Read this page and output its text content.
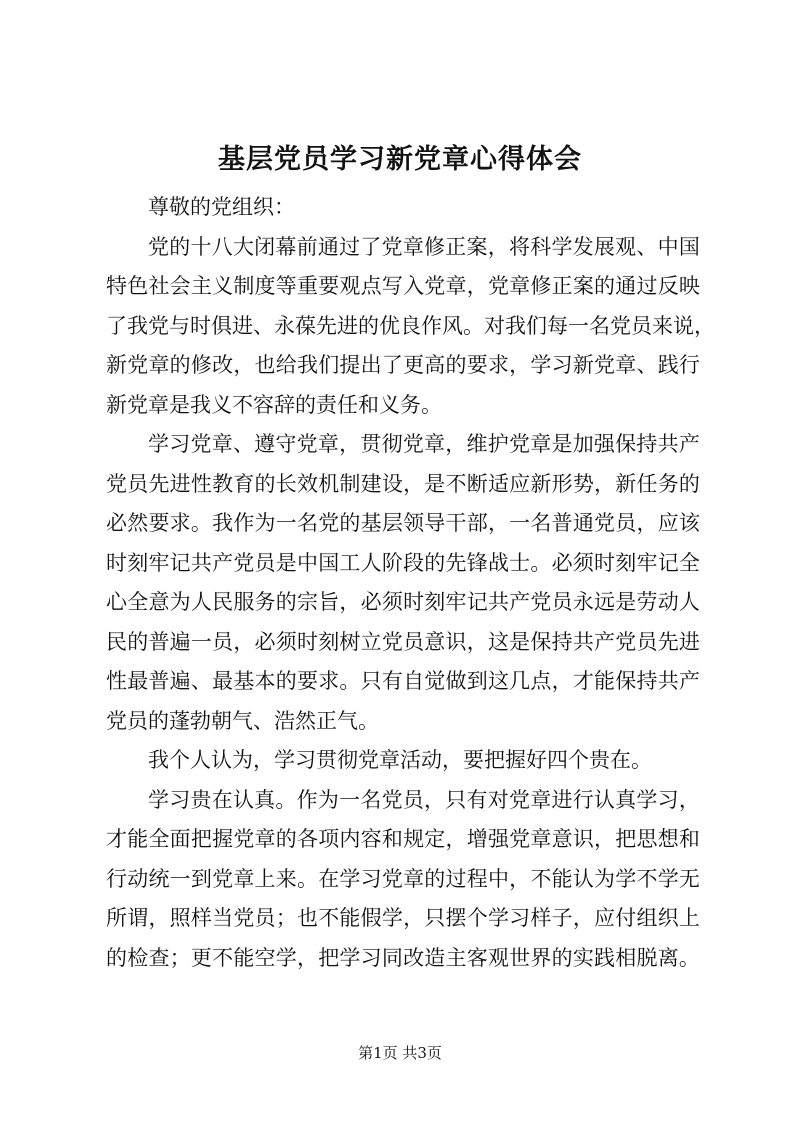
基层党员学习新党章心得体会
尊敬的党组织：
党 的 十 八 大 闭 幕 前 通 过 了 党 章 修 正 案 ， 将 科 学 发 展 观 、 中 国
特 色 社 会 主 义 制 度 等 重 要 观 点 写 入 党 章 ， 党 章 修 正 案 的 通 过 反 映
了 我 党 与 时 俱 进 、 永 葆 先 进 的 优 良 作 风 。 对 我 们 每 一 名 党 员 来 说 ，
新 党 章 的 修 改 ， 也 给 我 们 提 出 了 更 高 的 要 求 ， 学 习 新 党 章 、 践 行
新党章是我义不容辞的责任和义务。
学 习 党 章 、 遵 守 党 章 ， 贯 彻 党 章 ， 维 护 党 章 是 加 强 保 持 共 产
党 员 先 进 性 教 育 的 长 效 机 制 建 设 ， 是 不 断 适 应 新 形 势 ， 新 任 务 的
必 然 要 求 。 我 作 为 一 名 党 的 基 层 领 导 干 部 ， 一 名 普 通 党 员 ， 应 该
时 刻 牢 记 共 产 党 员 是 中 国 工 人 阶 段 的 先 锋 战 士 。 必 须 时 刻 牢 记 全
心 全 意 为 人 民 服 务 的 宗 旨 ， 必 须 时 刻 牢 记 共 产 党 员 永 远 是 劳 动 人
民 的 普 遍 一 员 ， 必 须 时 刻 树 立 党 员 意 识 ， 这 是 保 持 共 产 党 员 先 进
性 最 普 遍 、 最 基 本 的 要 求 。 只 有 自 觉 做 到 这 几 点 ， 才 能 保 持 共 产
党员的蓬勃朝气、浩然正气。
我个人认为，学习贯彻党章活动，要把握好四个贵在。
学 习 贵 在 认 真 。 作 为 一 名 党 员 ， 只 有 对 党 章 进 行 认 真 学 习 ，
才 能 全 面 把 握 党 章 的 各 项 内 容 和 规 定 ， 增 强 党 章 意 识 ， 把 思 想 和
行 动 统 一 到 党 章 上 来 。 在 学 习 党 章 的 过 程 中 ， 不 能 认 为 学 不 学 无
所 谓 ， 照 样 当 党 员 ； 也 不 能 假 学 ， 只 摆 个 学 习 样 子 ， 应 付 组 织 上
的 检 查 ； 更 不 能 空 学 ， 把 学 习 同 改 造 主 客 观 世 界 的 实 践 相 脱 离 。
第1页 共3页
